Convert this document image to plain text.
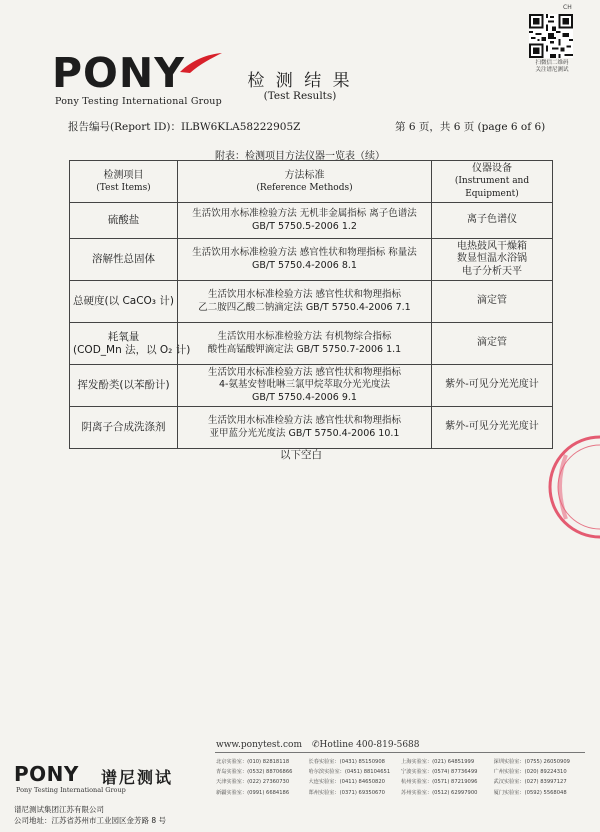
CH
扫微信二维码
关注谱尼测试
PONY
Pony Testing International Group
检 测 结 果
(Test Results)
报告编号(Report ID)：ILBW6KLA58222905Z	第 6 页，共 6 页 (page 6 of 6)
附表：检测项目方法仪器一览表（续）
检测项目
(Test Items)	方法标准
(Reference Methods)	仪器设备
(Instrument and Equipment)

硫酸盐	生活饮用水标准检验方法 无机非金属指标 离子色谱法
GB/T 5750.5-2006 1.2	离子色谱仪

溶解性总固体	生活饮用水标准检验方法 感官性状和物理指标 称量法
GB/T 5750.4-2006 8.1	电热鼓风干燥箱
数显恒温水浴锅
电子分析天平

总硬度(以 CaCO₃ 计)	生活饮用水标准检验方法 感官性状和物理指标
乙二胺四乙酸二钠滴定法 GB/T 5750.4-2006 7.1	滴定管

耗氧量
(COD_Mn 法，以 O₂ 计)	生活饮用水标准检验方法 有机物综合指标
酸性高锰酸钾滴定法 GB/T 5750.7-2006 1.1	滴定管

挥发酚类(以苯酚计)	生活饮用水标准检验方法 感官性状和物理指标
4-氨基安替吡啉三氯甲烷萃取分光光度法
GB/T 5750.4-2006 9.1	紫外-可见分光光度计

阴离子合成洗涤剂	生活饮用水标准检验方法 感官性状和物理指标
亚甲蓝分光光度法 GB/T 5750.4-2006 10.1	紫外-可见分光光度计
以下空白
www.ponytest.com ✆Hotline 400-819-5688
北京实验室：(010) 82818118	长春实验室：(0431) 85150908	上海实验室：(021) 64851999	深圳实验室：(0755) 26050909
青岛实验室：(0532) 88706866	哈尔滨实验室：(0451) 88104651	宁波实验室：(0574) 87736499	广州实验室：(020) 89224310
天津实验室：(022) 27360730	大连实验室：(0411) 84650820	杭州实验室：(0571) 87219096	武汉实验室：(027) 83997127
新疆实验室：(0991) 6684186	郑州实验室：(0371) 69350670	苏州实验室：(0512) 62997900	厦门实验室：(0592) 5568048
PONY 谱尼测试
Pony Testing International Group
谱尼测试集团江苏有限公司
公司地址：江苏省苏州市工业园区金芳路 8 号
